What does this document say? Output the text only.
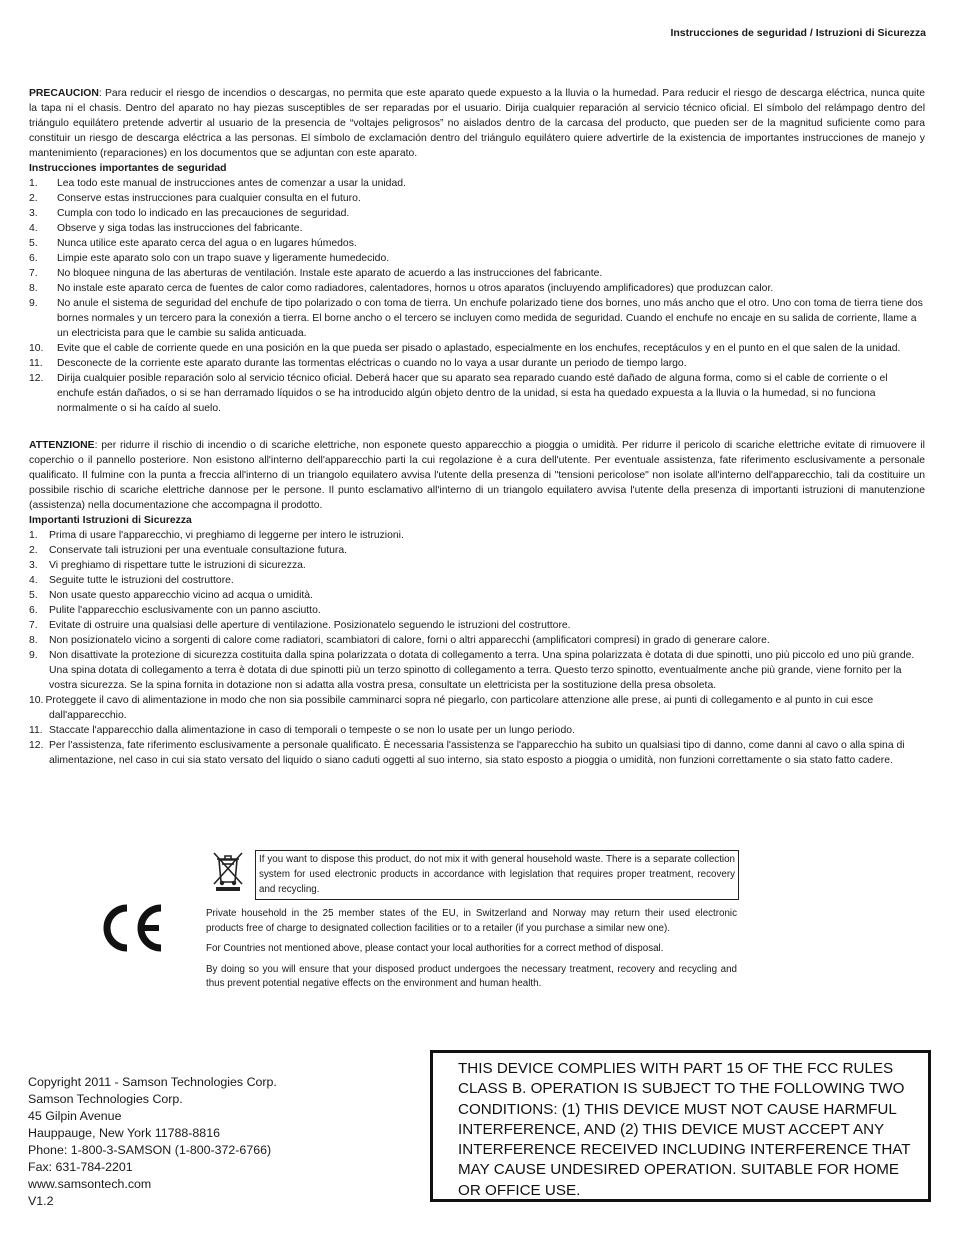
Instrucciones de seguridad / Istruzioni di Sicurezza

PRECAUCION: Para reducir el riesgo de incendios o descargas, no permita que este aparato quede expuesto a la lluvia o la humedad. Para reducir el riesgo de descarga eléctrica, nunca quite la tapa ni el chasis. Dentro del aparato no hay piezas susceptibles de ser reparadas por el usuario. Dirija cualquier reparación al servicio técnico oficial. El símbolo del relámpago dentro del triángulo equilátero pretende advertir al usuario de la presencia de “voltajes peligrosos” no aislados dentro de la carcasa del producto, que pueden ser de la magnitud suficiente como para constituir un riesgo de descarga eléctrica a las personas. El símbolo de exclamación dentro del triángulo equilátero quiere advertirle de la existencia de importantes instrucciones de manejo y mantenimiento (reparaciones) en los documentos que se adjuntan con este aparato.

Instrucciones importantes de seguridad
1. Lea todo este manual de instrucciones antes de comenzar a usar la unidad.
2. Conserve estas instrucciones para cualquier consulta en el futuro.
3. Cumpla con todo lo indicado en las precauciones de seguridad.
4. Observe y siga todas las instrucciones del fabricante.
5. Nunca utilice este aparato cerca del agua o en lugares húmedos.
6. Limpie este aparato solo con un trapo suave y ligeramente humedecido.
7. No bloquee ninguna de las aberturas de ventilación. Instale este aparato de acuerdo a las instrucciones del fabricante.
8. No instale este aparato cerca de fuentes de calor como radiadores, calentadores, hornos u otros aparatos (incluyendo amplificadores) que produzcan calor.
9. No anule el sistema de seguridad del enchufe de tipo polarizado o con toma de tierra. Un enchufe polarizado tiene dos bornes, uno más ancho que el otro. Uno con toma de tierra tiene dos bornes normales y un tercero para la conexión a tierra. El borne ancho o el tercero se incluyen como medida de seguridad. Cuando el enchufe no encaje en su salida de corriente, llame a un electricista para que le cambie su salida anticuada.
10. Evite que el cable de corriente quede en una posición en la que pueda ser pisado o aplastado, especialmente en los enchufes, receptáculos y en el punto en el que salen de la unidad.
11. Desconecte de la corriente este aparato durante las tormentas eléctricas o cuando no lo vaya a usar durante un periodo de tiempo largo.
12. Dirija cualquier posible reparación solo al servicio técnico oficial. Deberá hacer que su aparato sea reparado cuando esté dañado de alguna forma, como si el cable de corriente o el enchufe están dañados, o si se han derramado líquidos o se ha introducido algún objeto dentro de la unidad, si esta ha quedado expuesta a la lluvia o la humedad, si no funciona normalmente o si ha caído al suelo.

ATTENZIONE: per ridurre il rischio di incendio o di scariche elettriche, non esponete questo apparecchio a pioggia o umidità. Per ridurre il pericolo di scariche elettriche evitate di rimuovere il coperchio o il pannello posteriore. Non esistono all'interno dell'apparecchio parti la cui regolazione è a cura dell'utente. Per eventuale assistenza, fate riferimento esclusivamente a personale qualificato. Il fulmine con la punta a freccia all'interno di un triangolo equilatero avvisa l'utente della presenza di "tensioni pericolose" non isolate all'interno dell'apparecchio, tali da costituire un possibile rischio di scariche elettriche dannose per le persone. Il punto esclamativo all'interno di un triangolo equilatero avvisa l'utente della presenza di importanti istruzioni di manutenzione (assistenza) nella documentazione che accompagna il prodotto.

Importanti Istruzioni di Sicurezza
1. Prima di usare l'apparecchio, vi preghiamo di leggerne per intero le istruzioni.
2. Conservate tali istruzioni per una eventuale consultazione futura.
3. Vi preghiamo di rispettare tutte le istruzioni di sicurezza.
4. Seguite tutte le istruzioni del costruttore.
5. Non usate questo apparecchio vicino ad acqua o umidità.
6. Pulite l'apparecchio esclusivamente con un panno asciutto.
7. Evitate di ostruire una qualsiasi delle aperture di ventilazione. Posizionatelo seguendo le istruzioni del costruttore.
8. Non posizionatelo vicino a sorgenti di calore come radiatori, scambiatori di calore, forni o altri apparecchi (amplificatori compresi) in grado di generare calore.
9. Non disattivate la protezione di sicurezza costituita dalla spina polarizzata o dotata di collegamento a terra. Una spina polarizzata è dotata di due spinotti, uno più piccolo ed uno più grande. Una spina dotata di collegamento a terra è dotata di due spinotti più un terzo spinotto di collegamento a terra. Questo terzo spinotto, eventualmente anche più grande, viene fornito per la vostra sicurezza. Se la spina fornita in dotazione non si adatta alla vostra presa, consultate un elettricista per la sostituzione della presa obsoleta.
10. Proteggete il cavo di alimentazione in modo che non sia possibile camminarci sopra né piegarlo, con particolare attenzione alle prese, ai punti di collegamento e al punto in cui esce dall'apparecchio.
11. Staccate l'apparecchio dalla alimentazione in caso di temporali o tempeste o se non lo usate per un lungo periodo.
12. Per l'assistenza, fate riferimento esclusivamente a personale qualificato. È necessaria l'assistenza se l'apparecchio ha subito un qualsiasi tipo di danno, come danni al cavo o alla spina di alimentazione, nel caso in cui sia stato versato del liquido o siano caduti oggetti al suo interno, sia stato esposto a pioggia o umidità, non funzioni correttamente o sia stato fatto cadere.
If you want to dispose this product, do not mix it with general household waste. There is a separate collection system for used electronic products in accordance with legislation that requires proper treatment, recovery and recycling.

Private household in the 25 member states of the EU, in Switzerland and Norway may return their used electronic products free of charge to designated collection facilities or to a retailer (if you purchase a similar new one).

For Countries not mentioned above, please contact your local authorities for a correct method of disposal.

By doing so you will ensure that your disposed product undergoes the necessary treatment, recovery and recycling and thus prevent potential negative effects on the environment and human health.

Copyright 2011 - Samson Technologies Corp.
Samson Technologies Corp.
45 Gilpin Avenue
Hauppauge, New York 11788-8816
Phone: 1-800-3-SAMSON (1-800-372-6766)
Fax: 631-784-2201
www.samsontech.com
V1.2

THIS DEVICE COMPLIES WITH PART 15 OF THE FCC RULES CLASS B. OPERATION IS SUBJECT TO THE FOLLOWING TWO CONDITIONS: (1) THIS DEVICE MUST NOT CAUSE HARMFUL INTERFERENCE, AND (2) THIS DEVICE MUST ACCEPT ANY INTERFERENCE RECEIVED INCLUDING INTERFERENCE THAT MAY CAUSE UNDESIRED OPERATION. SUITABLE FOR HOME OR OFFICE USE.
